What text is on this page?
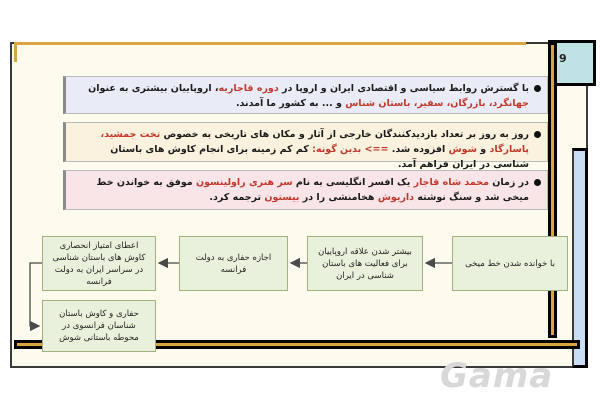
9
با گسترش روابط سیاسی و اقتصادی ایران و اروپا در دوره قاجاریه، اروپاییان بیشتری به عنوان جهانگرد، بازرگان، سفیر، باستان شناس و ... به کشور ما آمدند.
روز به روز بر تعداد بازدیدکنندگان خارجی از آثار و مکان های تاریخی به خصوص تخت جمشید، پاسارگاد و شوش افزوده شد. ==> بدین گونه: کم کم زمینه برای انجام کاوش های باستان شناسی در ایران فراهم آمد.
در زمان محمد شاه قاجار یک افسر انگلیسی به نام سر هنری راولینسون موفق به خواندن خط میخی شد و سنگ نوشته داریوش هخامنشی را در بیستون ترجمه کرد.
با خوانده شدن خط میخی
بیشتر شدن علاقه اروپاییان برای فعالیت های باستان شناسی در ایران
اجازه حفاری به دولت فرانسه
اعطای امتیاز انحصاری کاوش های باستان شناسی در سراسر ایران به دولت فرانسه
حفاری و کاوش باستان شناسان فرانسوی در محوطه باستانی شوش
Gama
